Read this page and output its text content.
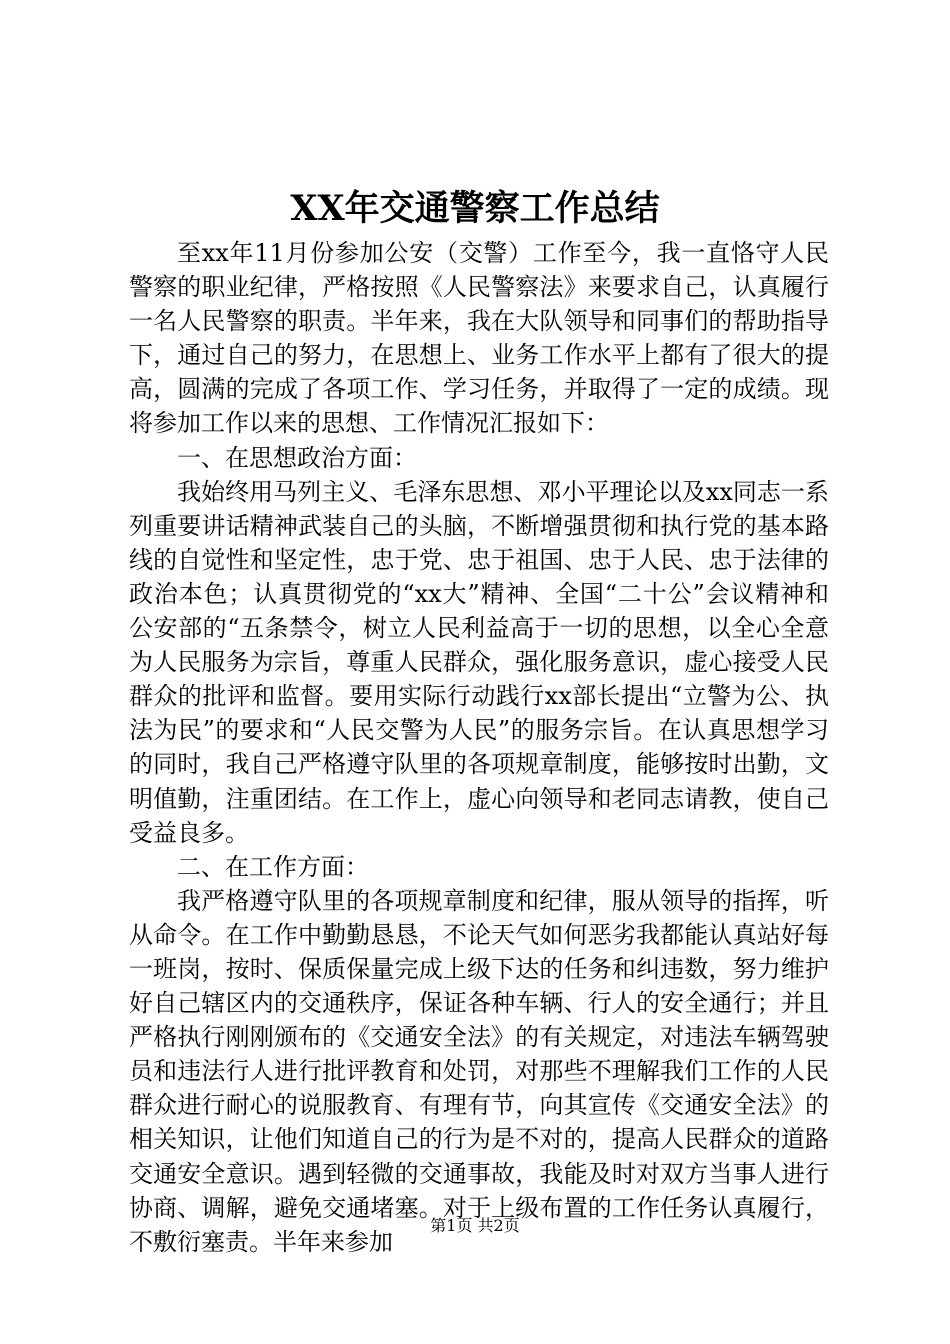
XX年交通警察工作总结

至xx年11月份参加公安（交警）工作至今，我一直恪守人民警察的职业纪律，严格按照《人民警察法》来要求自己，认真履行一名人民警察的职责。半年来，我在大队领导和同事们的帮助指导下，通过自己的努力，在思想上、业务工作水平上都有了很大的提高，圆满的完成了各项工作、学习任务，并取得了一定的成绩。现将参加工作以来的思想、工作情况汇报如下：

一、在思想政治方面：

我始终用马列主义、毛泽东思想、邓小平理论以及xx同志一系列重要讲话精神武装自己的头脑，不断增强贯彻和执行党的基本路线的自觉性和坚定性，忠于党、忠于祖国、忠于人民、忠于法律的政治本色；认真贯彻党的“xx大”精神、全国“二十公”会议精神和公安部的“五条禁令，树立人民利益高于一切的思想，以全心全意为人民服务为宗旨，尊重人民群众，强化服务意识，虚心接受人民群众的批评和监督。要用实际行动践行xx部长提出“立警为公、执法为民”的要求和“人民交警为人民”的服务宗旨。在认真思想学习的同时，我自己严格遵守队里的各项规章制度，能够按时出勤，文明值勤，注重团结。在工作上，虚心向领导和老同志请教，使自己受益良多。

二、在工作方面：

我严格遵守队里的各项规章制度和纪律，服从领导的指挥，听从命令。在工作中勤勤恳恳，不论天气如何恶劣我都能认真站好每一班岗，按时、保质保量完成上级下达的任务和纠违数，努力维护好自己辖区内的交通秩序，保证各种车辆、行人的安全通行；并且严格执行刚刚颁布的《交通安全法》的有关规定，对违法车辆驾驶员和违法行人进行批评教育和处罚，对那些不理解我们工作的人民群众进行耐心的说服教育、有理有节，向其宣传《交通安全法》的相关知识，让他们知道自己的行为是不对的，提高人民群众的道路交通安全意识。遇到轻微的交通事故，我能及时对双方当事人进行协商、调解，避免交通堵塞。对于上级布置的工作任务认真履行，不敷衍塞责。半年来参加

第1页 共2页
